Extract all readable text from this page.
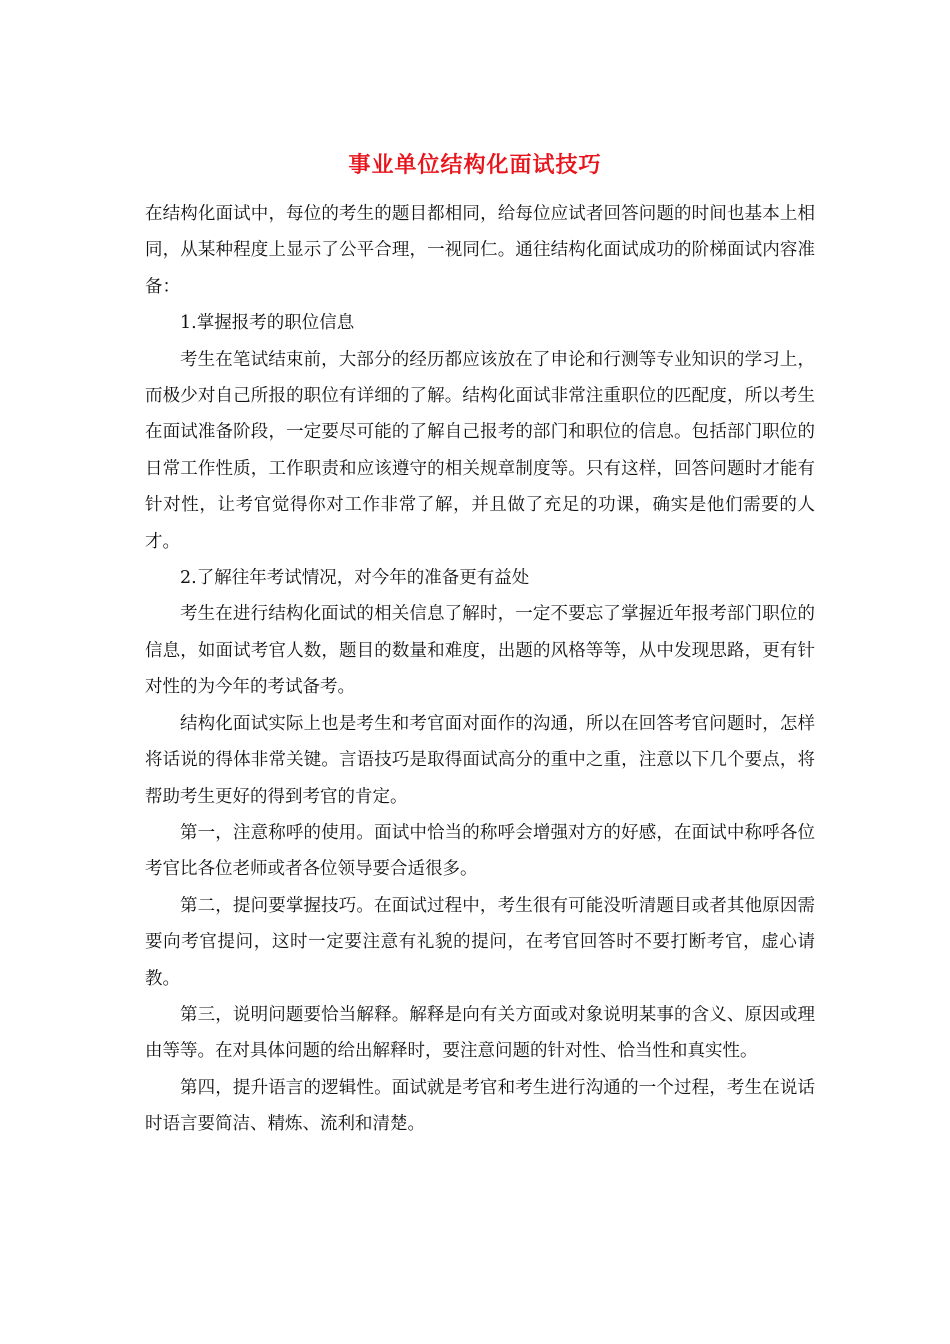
事业单位结构化面试技巧

在结构化面试中，每位的考生的题目都相同，给每位应试者回答问题的时间也基本上相同，从某种程度上显示了公平合理，一视同仁。通往结构化面试成功的阶梯面试内容准备：

1.掌握报考的职位信息

考生在笔试结束前，大部分的经历都应该放在了申论和行测等专业知识的学习上，而极少对自己所报的职位有详细的了解。结构化面试非常注重职位的匹配度，所以考生在面试准备阶段，一定要尽可能的了解自己报考的部门和职位的信息。包括部门职位的日常工作性质，工作职责和应该遵守的相关规章制度等。只有这样，回答问题时才能有针对性，让考官觉得你对工作非常了解，并且做了充足的功课，确实是他们需要的人才。

2.了解往年考试情况，对今年的准备更有益处

考生在进行结构化面试的相关信息了解时，一定不要忘了掌握近年报考部门职位的信息，如面试考官人数，题目的数量和难度，出题的风格等等，从中发现思路，更有针对性的为今年的考试备考。

结构化面试实际上也是考生和考官面对面作的沟通，所以在回答考官问题时，怎样将话说的得体非常关键。言语技巧是取得面试高分的重中之重，注意以下几个要点，将帮助考生更好的得到考官的肯定。

第一，注意称呼的使用。面试中恰当的称呼会增强对方的好感，在面试中称呼各位考官比各位老师或者各位领导要合适很多。

第二，提问要掌握技巧。在面试过程中，考生很有可能没听清题目或者其他原因需要向考官提问，这时一定要注意有礼貌的提问，在考官回答时不要打断考官，虚心请教。

第三，说明问题要恰当解释。解释是向有关方面或对象说明某事的含义、原因或理由等等。在对具体问题的给出解释时，要注意问题的针对性、恰当性和真实性。

第四，提升语言的逻辑性。面试就是考官和考生进行沟通的一个过程，考生在说话时语言要简洁、精炼、流利和清楚。
